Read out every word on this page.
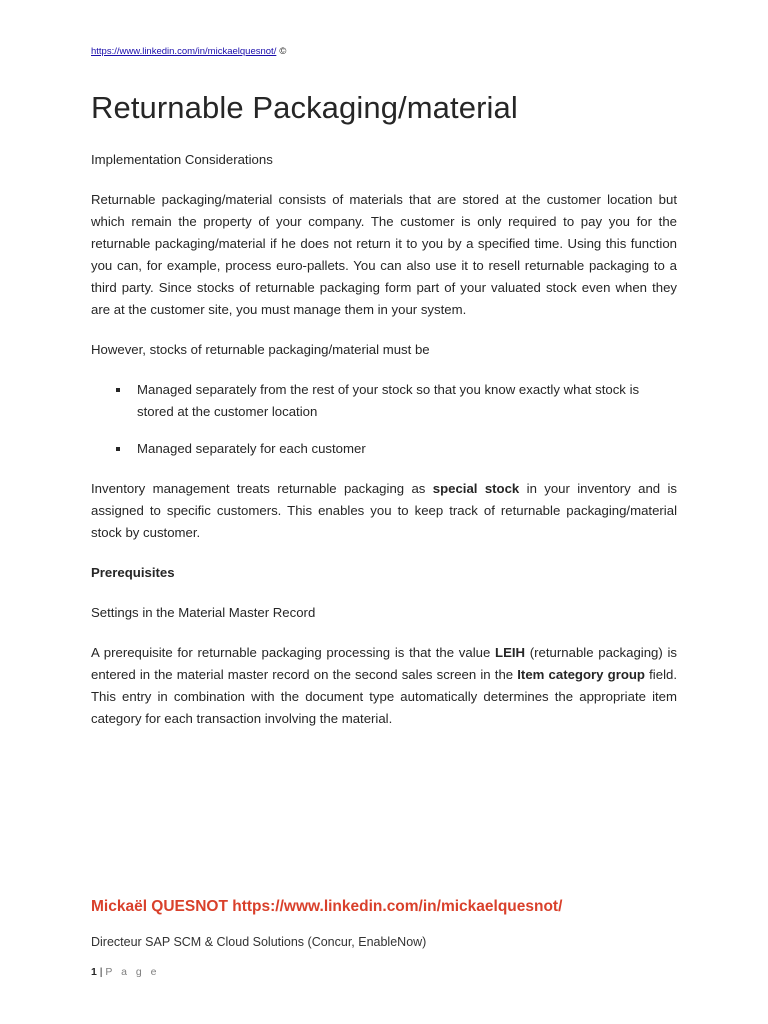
https://www.linkedin.com/in/mickaelquesnot/ ©
Returnable Packaging/material

Implementation Considerations

Returnable packaging/material consists of materials that are stored at the customer location but which remain the property of your company. The customer is only required to pay you for the returnable packaging/material if he does not return it to you by a specified time. Using this function you can, for example, process euro-pallets. You can also use it to resell returnable packaging to a third party. Since stocks of returnable packaging form part of your valuated stock even when they are at the customer site, you must manage them in your system.

However, stocks of returnable packaging/material must be

Managed separately from the rest of your stock so that you know exactly what stock is stored at the customer location
Managed separately for each customer

Inventory management treats returnable packaging as special stock in your inventory and is assigned to specific customers. This enables you to keep track of returnable packaging/material stock by customer.

Prerequisites

Settings in the Material Master Record

A prerequisite for returnable packaging processing is that the value LEIH (returnable packaging) is entered in the material master record on the second sales screen in the Item category group field. This entry in combination with the document type automatically determines the appropriate item category for each transaction involving the material.

Mickaël QUESNOT https://www.linkedin.com/in/mickaelquesnot/
Directeur SAP SCM & Cloud Solutions (Concur, EnableNow)
1 | P a g e
